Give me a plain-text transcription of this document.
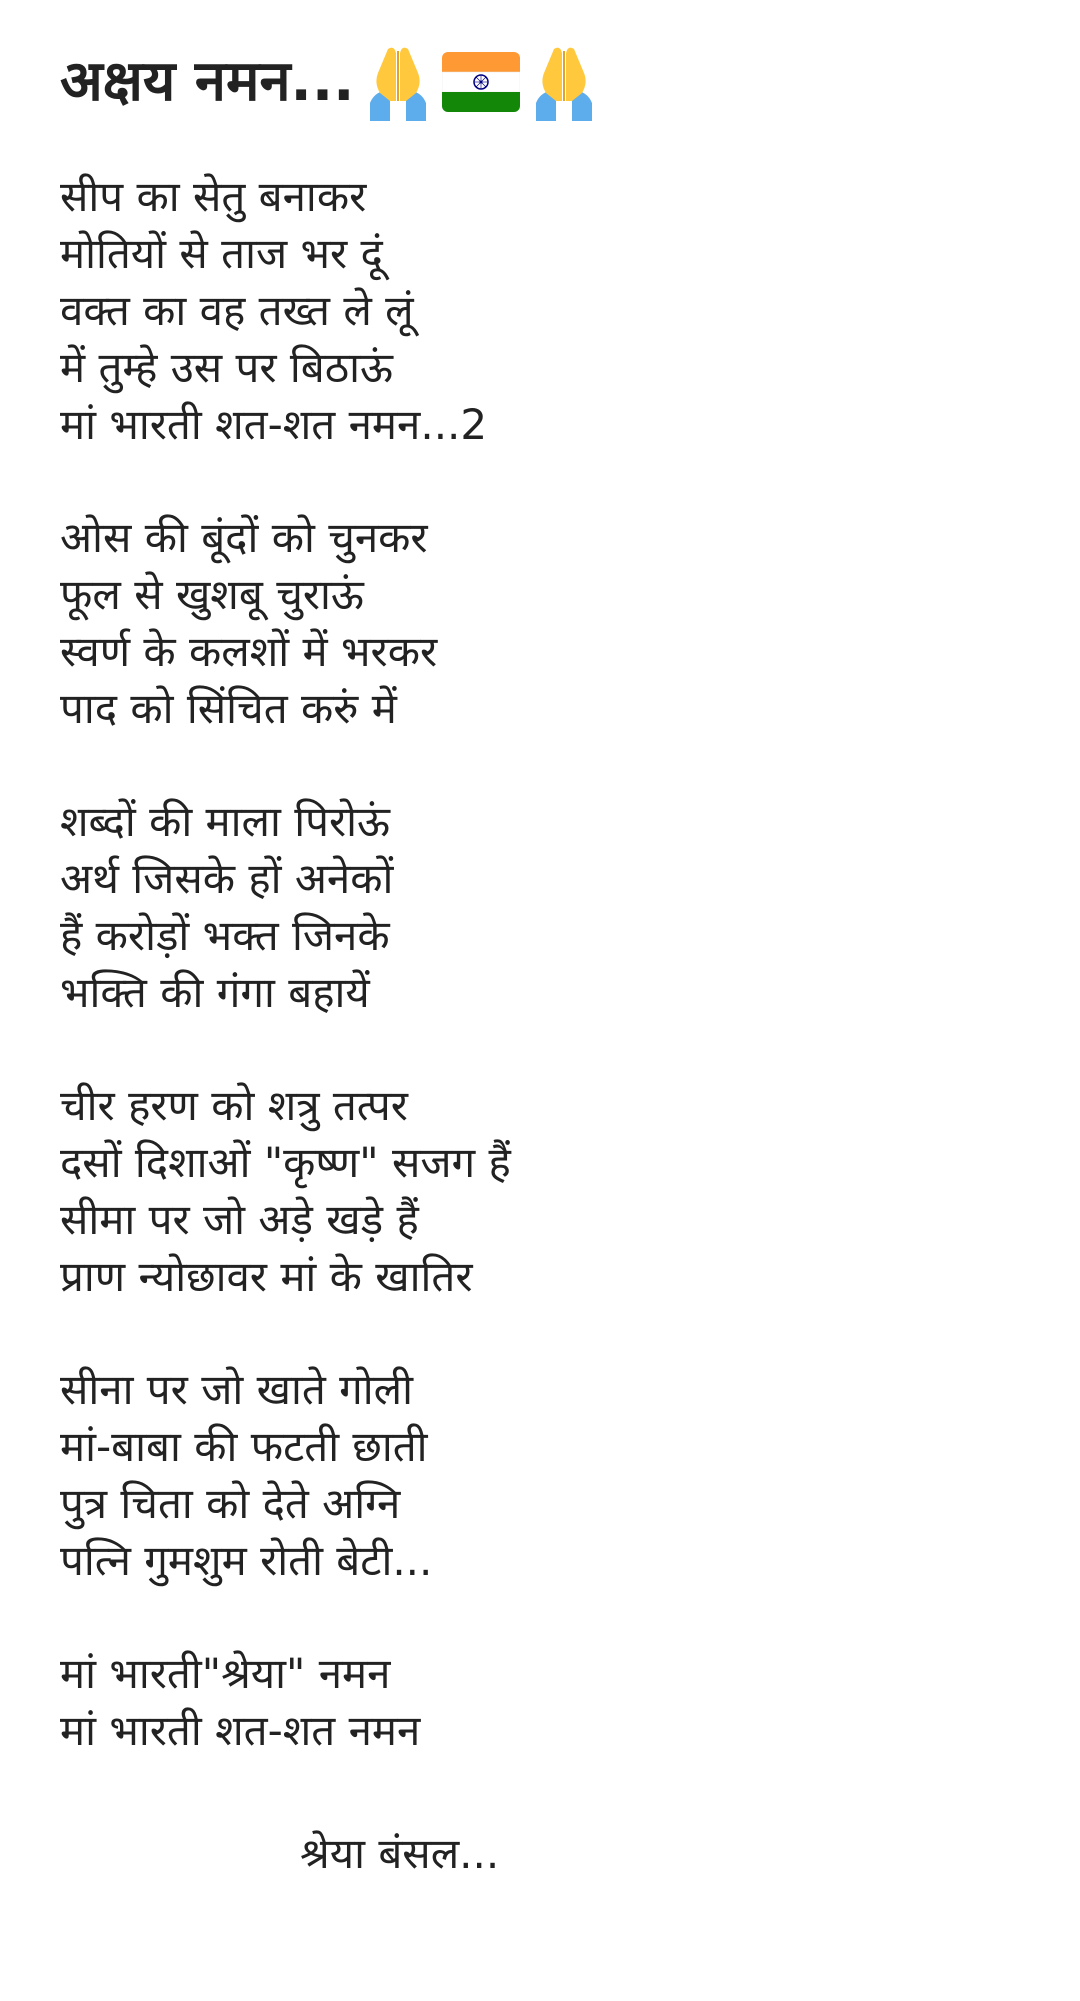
अक्षय नमन...
सीप का सेतु बनाकर
मोतियों से ताज भर दूं
वक्त का वह तख्त ले लूं
में तुम्हे उस पर बिठाऊं
मां भारती शत-शत नमन...2
ओस की बूंदों को चुनकर
फूल से खुशबू चुराऊं
स्वर्ण के कलशों में भरकर
पाद को सिंचित करुं में
शब्दों की माला पिरोऊं
अर्थ जिसके हों अनेकों
हैं करोड़ों भक्त जिनके
भक्ति की गंगा बहायें
चीर हरण को शत्रु तत्पर
दसों दिशाओं "कृष्ण" सजग हैं
सीमा पर जो अड़े खड़े हैं
प्राण न्योछावर मां के खातिर
सीना पर जो खाते गोली
मां-बाबा की फटती छाती
पुत्र चिता को देते अग्नि
पत्नि गुमशुम रोती बेटी...
मां भारती"श्रेया" नमन
मां भारती शत-शत नमन
श्रेया बंसल...
